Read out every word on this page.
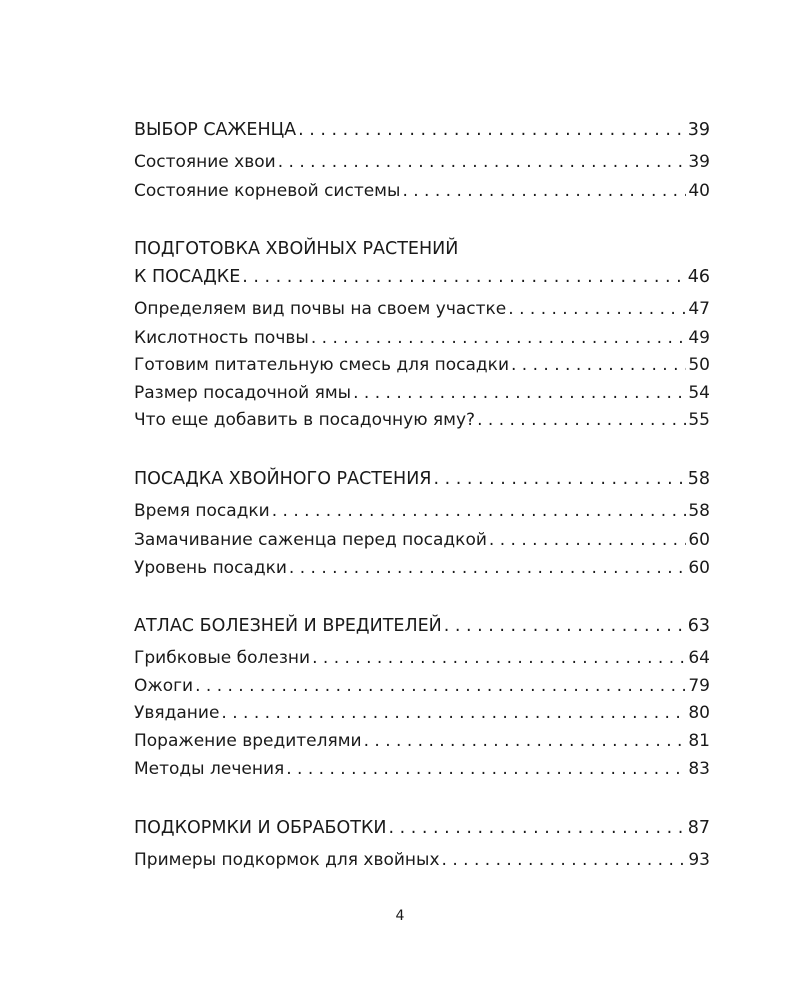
ВЫБОР САЖЕНЦА . . .	39
Состояние хвои . . .	39
Состояние корневой системы . . .	40
ПОДГОТОВКА ХВОЙНЫХ РАСТЕНИЙ
К ПОСАДКЕ . . .	46
Определяем вид почвы на своем участке . . .	47
Кислотность почвы . . .	49
Готовим питательную смесь для посадки . . .	50
Размер посадочной ямы . . .	54
Что еще добавить в посадочную яму? . . .	55
ПОСАДКА ХВОЙНОГО РАСТЕНИЯ . . .	58
Время посадки . . .	58
Замачивание саженца перед посадкой . . .	60
Уровень посадки . . .	60
АТЛАС БОЛЕЗНЕЙ И ВРЕДИТЕЛЕЙ . . .	63
Грибковые болезни . . .	64
Ожоги . . .	79
Увядание . . .	80
Поражение вредителями . . .	81
Методы лечения . . .	83
ПОДКОРМКИ И ОБРАБОТКИ . . .	87
Примеры подкормок для хвойных . . .	93
4
